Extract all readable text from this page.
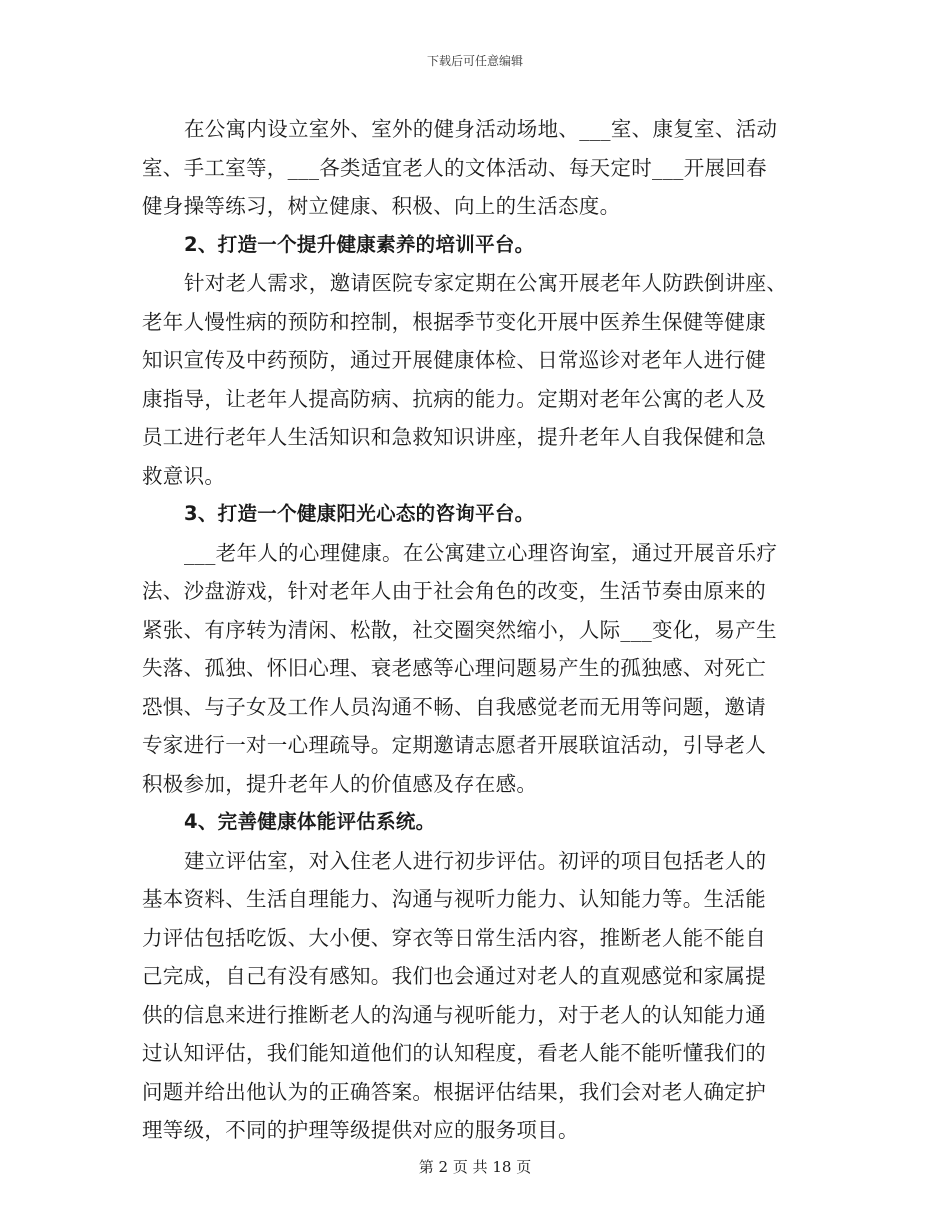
下载后可任意编辑
在公寓内设立室外、室外的健身活动场地、___室、康复室、活动
室、手工室等，___各类适宜老人的文体活动、每天定时___开展回春
健身操等练习，树立健康、积极、向上的生活态度。
2、打造一个提升健康素养的培训平台。
针对老人需求，邀请医院专家定期在公寓开展老年人防跌倒讲座、
老年人慢性病的预防和控制，根据季节变化开展中医养生保健等健康
知识宣传及中药预防，通过开展健康体检、日常巡诊对老年人进行健
康指导，让老年人提高防病、抗病的能力。定期对老年公寓的老人及
员工进行老年人生活知识和急救知识讲座，提升老年人自我保健和急
救意识。
3、打造一个健康阳光心态的咨询平台。
___老年人的心理健康。在公寓建立心理咨询室，通过开展音乐疗
法、沙盘游戏，针对老年人由于社会角色的改变，生活节奏由原来的
紧张、有序转为清闲、松散，社交圈突然缩小，人际___变化，易产生
失落、孤独、怀旧心理、衰老感等心理问题易产生的孤独感、对死亡
恐惧、与子女及工作人员沟通不畅、自我感觉老而无用等问题，邀请
专家进行一对一心理疏导。定期邀请志愿者开展联谊活动，引导老人
积极参加，提升老年人的价值感及存在感。
4、完善健康体能评估系统。
建立评估室，对入住老人进行初步评估。初评的项目包括老人的
基本资料、生活自理能力、沟通与视听力能力、认知能力等。生活能
力评估包括吃饭、大小便、穿衣等日常生活内容，推断老人能不能自
己完成，自己有没有感知。我们也会通过对老人的直观感觉和家属提
供的信息来进行推断老人的沟通与视听能力，对于老人的认知能力通
过认知评估，我们能知道他们的认知程度，看老人能不能听懂我们的
问题并给出他认为的正确答案。根据评估结果，我们会对老人确定护
理等级，不同的护理等级提供对应的服务项目。
第 2 页 共 18 页
